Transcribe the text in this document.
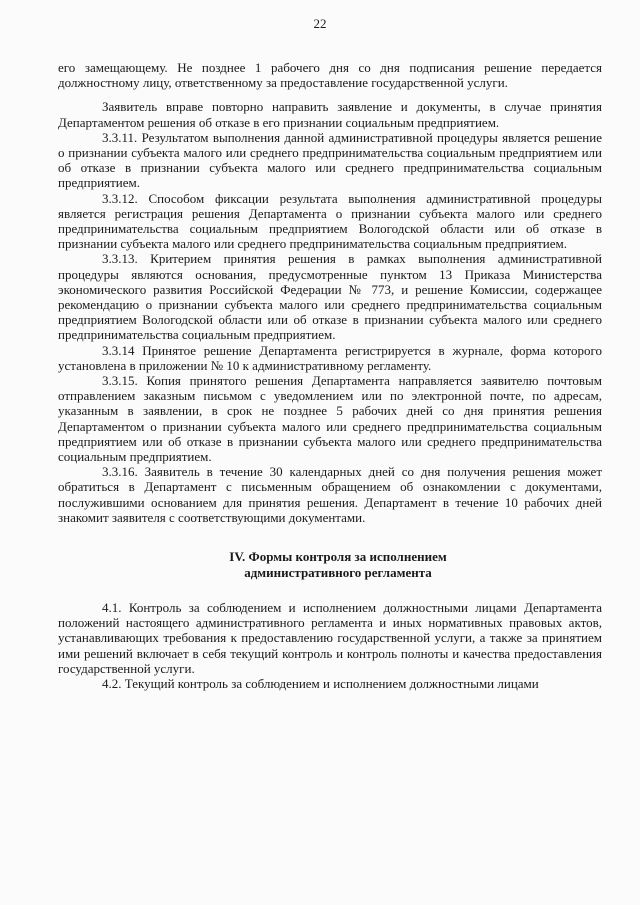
22

его замещающему. Не позднее 1 рабочего дня со дня подписания решение передается должностному лицу, ответственному за предоставление государственной услуги.

Заявитель вправе повторно направить заявление и документы, в случае принятия Департаментом решения об отказе в его признании социальным предприятием.

3.3.11. Результатом выполнения данной административной процедуры является решение о признании субъекта малого или среднего предпринимательства социальным предприятием или об отказе в признании субъекта малого или среднего предпринимательства социальным предприятием.

3.3.12. Способом фиксации результата выполнения административной процедуры является регистрация решения Департамента о признании субъекта малого или среднего предпринимательства социальным предприятием Вологодской области или об отказе в признании субъекта малого или среднего предпринимательства социальным предприятием.

3.3.13. Критерием принятия решения в рамках выполнения административной процедуры являются основания, предусмотренные пунктом 13 Приказа Министерства экономического развития Российской Федерации № 773, и решение Комиссии, содержащее рекомендацию о признании субъекта малого или среднего предпринимательства социальным предприятием Вологодской области или об отказе в признании субъекта малого или среднего предпринимательства социальным предприятием.

3.3.14 Принятое решение Департамента регистрируется в журнале, форма которого установлена в приложении № 10 к административному регламенту.

3.3.15. Копия принятого решения Департамента направляется заявителю почтовым отправлением заказным письмом с уведомлением или по электронной почте, по адресам, указанным в заявлении, в срок не позднее 5 рабочих дней со дня принятия решения Департаментом о признании субъекта малого или среднего предпринимательства социальным предприятием или об отказе в признании субъекта малого или среднего предпринимательства социальным предприятием.

3.3.16. Заявитель в течение 30 календарных дней со дня получения решения может обратиться в Департамент с письменным обращением об ознакомлении с документами, послужившими основанием для принятия решения. Департамент в течение 10 рабочих дней знакомит заявителя с соответствующими документами.

IV. Формы контроля за исполнением

административного регламента

4.1. Контроль за соблюдением и исполнением должностными лицами Департамента положений настоящего административного регламента и иных нормативных правовых актов, устанавливающих требования к предоставлению государственной услуги, а также за принятием ими решений включает в себя текущий контроль и контроль полноты и качества предоставления государственной услуги.

4.2. Текущий контроль за соблюдением и исполнением должностными лицами
